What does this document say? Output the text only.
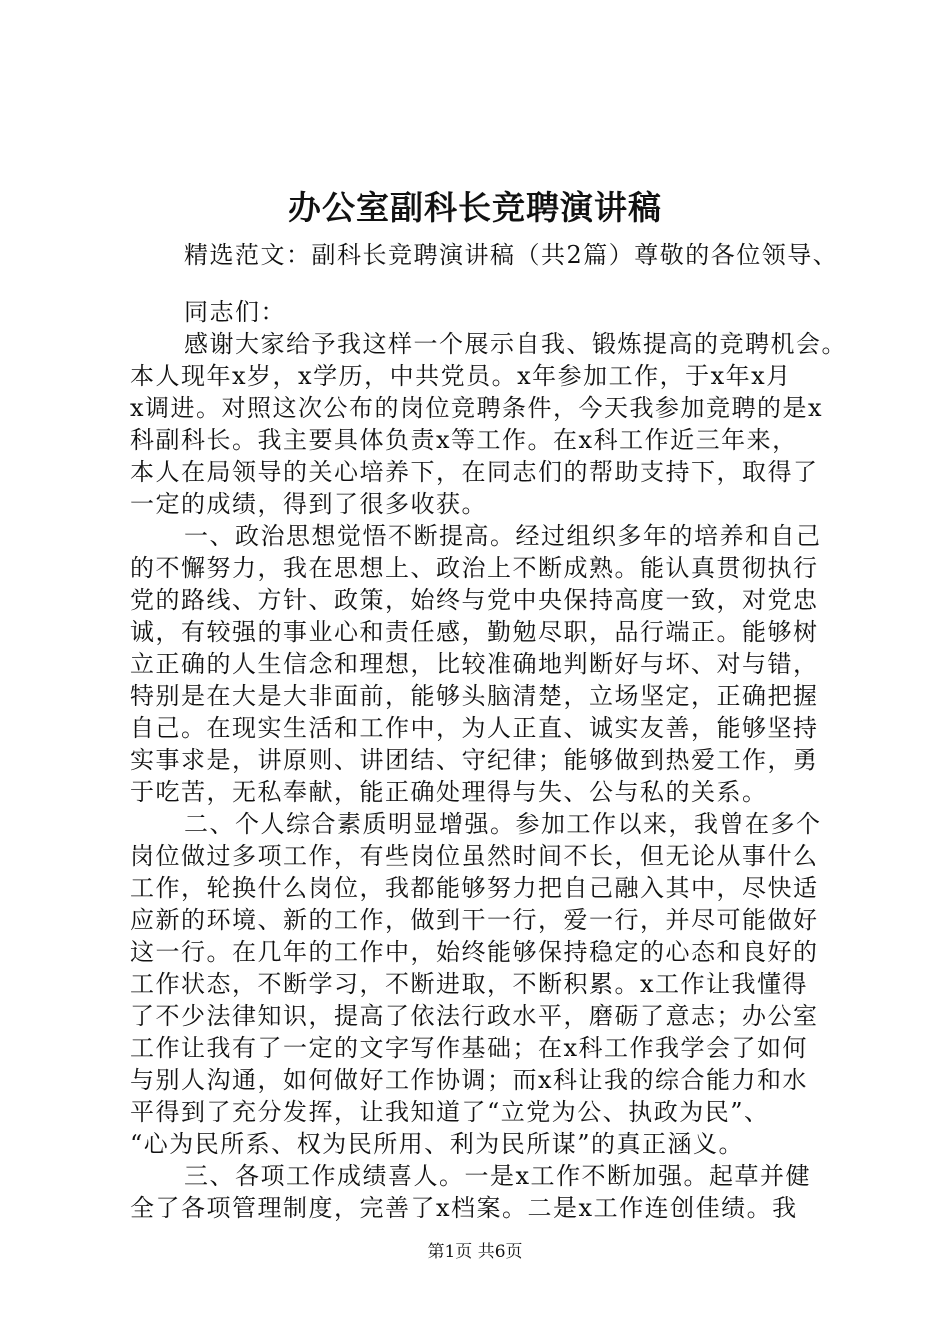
办公室副科长竞聘演讲稿
精选范文：副科长竞聘演讲稿（共2篇）尊敬的各位领导、
同志们：
感谢大家给予我这样一个展示自我、锻炼提高的竞聘机会。
本人现年x岁，x学历，中共党员。x年参加工作，于x年x月
x调进。对照这次公布的岗位竞聘条件，今天我参加竞聘的是x
科副科长。我主要具体负责x等工作。在x科工作近三年来，
本人在局领导的关心培养下，在同志们的帮助支持下，取得了
一定的成绩，得到了很多收获。
一、政治思想觉悟不断提高。经过组织多年的培养和自己
的不懈努力，我在思想上、政治上不断成熟。能认真贯彻执行
党的路线、方针、政策，始终与党中央保持高度一致，对党忠
诚，有较强的事业心和责任感，勤勉尽职，品行端正。能够树
立正确的人生信念和理想，比较准确地判断好与坏、对与错，
特别是在大是大非面前，能够头脑清楚，立场坚定，正确把握
自己。在现实生活和工作中，为人正直、诚实友善，能够坚持
实事求是，讲原则、讲团结、守纪律；能够做到热爱工作，勇
于吃苦，无私奉献，能正确处理得与失、公与私的关系。
二、个人综合素质明显增强。参加工作以来，我曾在多个
岗位做过多项工作，有些岗位虽然时间不长，但无论从事什么
工作，轮换什么岗位，我都能够努力把自己融入其中，尽快适
应新的环境、新的工作，做到干一行，爱一行，并尽可能做好
这一行。在几年的工作中，始终能够保持稳定的心态和良好的
工作状态，不断学习，不断进取，不断积累。x工作让我懂得
了不少法律知识，提高了依法行政水平，磨砺了意志；办公室
工作让我有了一定的文字写作基础；在x科工作我学会了如何
与别人沟通，如何做好工作协调；而x科让我的综合能力和水
平得到了充分发挥，让我知道了“立党为公、执政为民”、
“心为民所系、权为民所用、利为民所谋”的真正涵义。
三、各项工作成绩喜人。一是x工作不断加强。起草并健
全了各项管理制度，完善了x档案。二是x工作连创佳绩。我
第1页 共6页
